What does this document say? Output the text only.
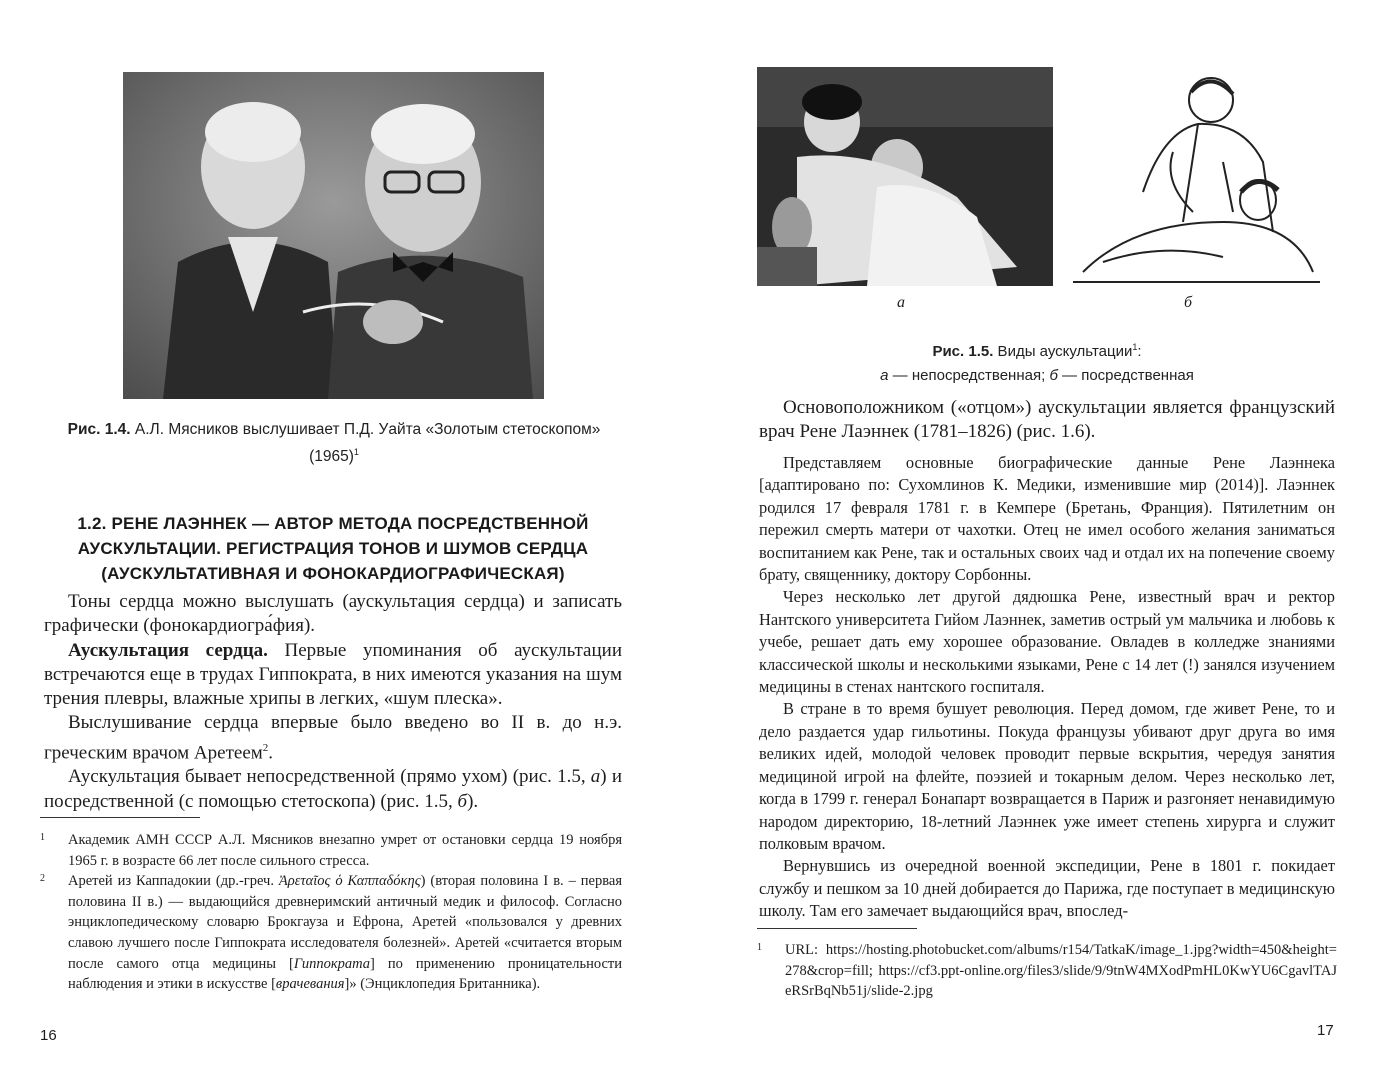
Рис. 1.4. А.Л. Мясников выслушивает П.Д. Уайта «Золотым стетоскопом»
$(1965)^1$
1.2. РЕНЕ ЛАЭННЕК — АВТОР МЕТОДА ПОСРЕДСТВЕННОЙ
АУСКУЛЬТАЦИИ. РЕГИСТРАЦИЯ ТОНОВ И ШУМОВ СЕРДЦА
(АУСКУЛЬТАТИВНАЯ И ФОНОКАРДИОГРАФИЧЕСКАЯ)

Тоны сердца можно выслушать (аускультация сердца) и записать графически (фонокардиогра́фия).

Аускультация сердца. Первые упоминания об аускультации встречаются еще в трудах Гиппократа, в них имеются указания на шум трения плевры, влажные хрипы в легких, «шум плеска».

Выслушивание сердца впервые было введено во II в. до н.э. греческим врачом Аретеем$^2$.

Аускультация бывает непосредственной (прямо ухом) (рис. 1.5, а) и посредственной (с помощью стетоскопа) (рис. 1.5, б).

1 Академик АМН СССР А.Л. Мясников внезапно умрет от остановки сердца 19 ноября 1965 г. в возрасте 66 лет после сильного стресса.
2 Аретей из Каппадокии (др.-греч. Ἀρεταῖος ὁ Καππαδόκης) (вторая половина I в. – первая половина II в.) — выдающийся древнеримский античный медик и философ. Согласно энциклопедическому словарю Брокгауза и Ефрона, Аретей «пользовался у древних славою лучшего после Гиппократа исследователя болезней». Аретей «считается вторым после самого отца медицины [Гиппократа] по применению проницательности наблюдения и этики в искусстве [врачевания]» (Энциклопедия Британника).
16
а	б
Рис. 1.5. Виды аускультации$^1$:
а — непосредственная; б — посредственная

Основоположником («отцом») аускультации является французский врач Рене Лаэннек (1781–1826) (рис. 1.6).

Представляем основные биографические данные Рене Лаэннека [адаптировано по: Сухомлинов К. Медики, изменившие мир (2014)]. Лаэннек родился 17 февраля 1781 г. в Кемпере (Бретань, Франция). Пятилетним он пережил смерть матери от чахотки. Отец не имел особого желания заниматься воспитанием как Рене, так и остальных своих чад и отдал их на попечение своему брату, священнику, доктору Сорбонны.

Через несколько лет другой дядюшка Рене, известный врач и ректор Нантского университета Гийом Лаэннек, заметив острый ум мальчика и любовь к учебе, решает дать ему хорошее образование. Овладев в колледже знаниями классической школы и несколькими языками, Рене с 14 лет (!) занялся изучением медицины в стенах нантского госпиталя.

В стране в то время бушует революция. Перед домом, где живет Рене, то и дело раздается удар гильотины. Покуда французы убивают друг друга во имя великих идей, молодой человек проводит первые вскрытия, чередуя занятия медициной игрой на флейте, поэзией и токарным делом. Через несколько лет, когда в 1799 г. генерал Бонапарт возвращается в Париж и разгоняет ненавидимую народом директорию, 18-летний Лаэннек уже имеет степень хирурга и служит полковым врачом.

Вернувшись из очередной военной экспедиции, Рене в 1801 г. покидает службу и пешком за 10 дней добирается до Парижа, где поступает в медицинскую школу. Там его замечает выдающийся врач, впослед-

1 URL: https://hosting.photobucket.com/albums/r154/TatkaK/image_1.jpg?width=450&height=278&crop=fill; https://cf3.ppt-online.org/files3/slide/9/9tnW4MXodPmHL0KwYU6CgavlTAJeRSrBqNb51j/slide-2.jpg
17
